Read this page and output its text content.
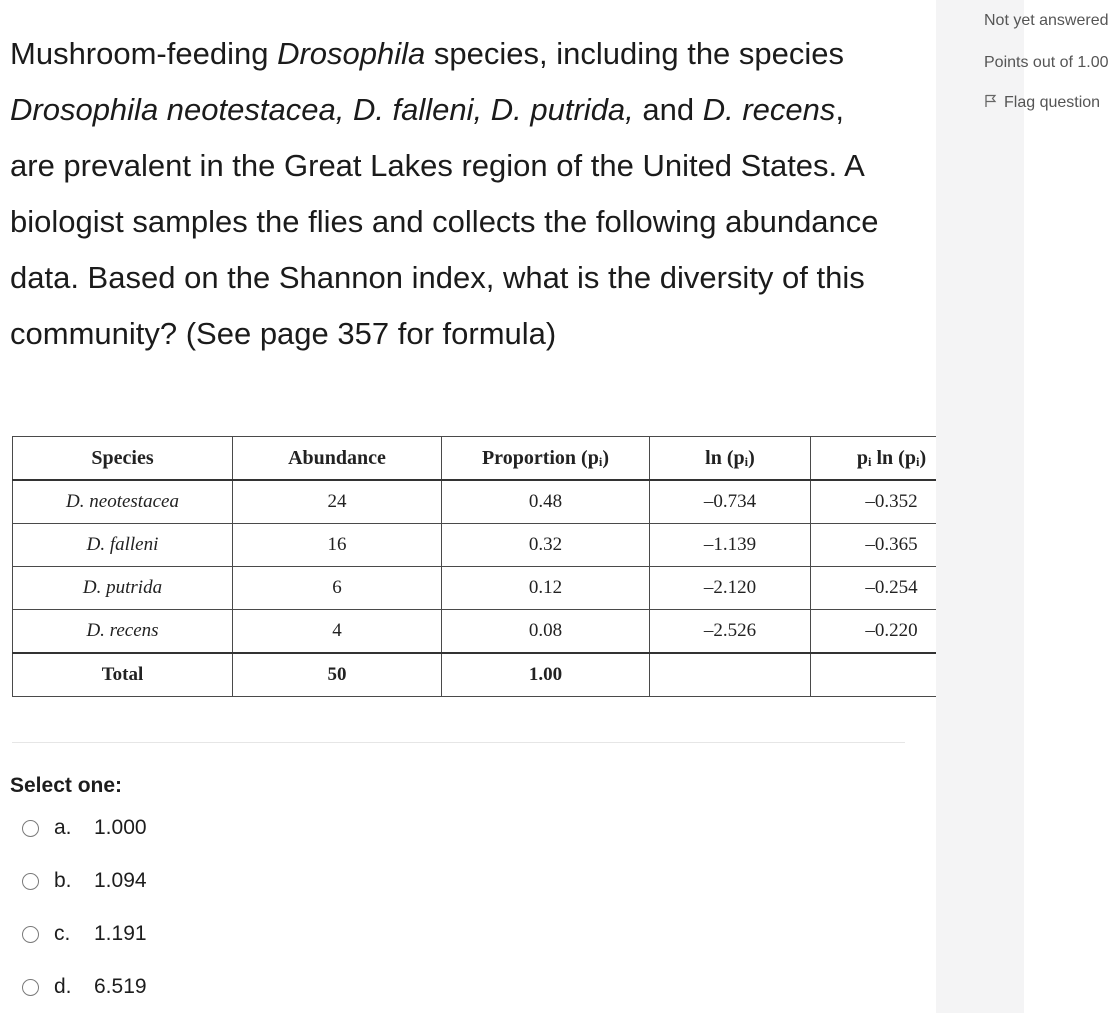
Mushroom-feeding Drosophila species, including the species Drosophila neotestacea, D. falleni, D. putrida, and D. recens, are prevalent in the Great Lakes region of the United States. A biologist samples the flies and collects the following abundance data. Based on the Shannon index, what is the diversity of this community? (See page 357 for formula)
Species	Abundance	Proportion (pᵢ)	ln (pᵢ)	pᵢ ln (pᵢ)
D. neotestacea	24	0.48	–0.734	–0.352
D. falleni	16	0.32	–1.139	–0.365
D. putrida	6	0.12	–2.120	–0.254
D. recens	4	0.08	–2.526	–0.220
Total	50	1.00		
Select one:
a.	1.000
b.	1.094
c.	1.191
d.	6.519
Not yet answered
Points out of 1.00
Flag question
